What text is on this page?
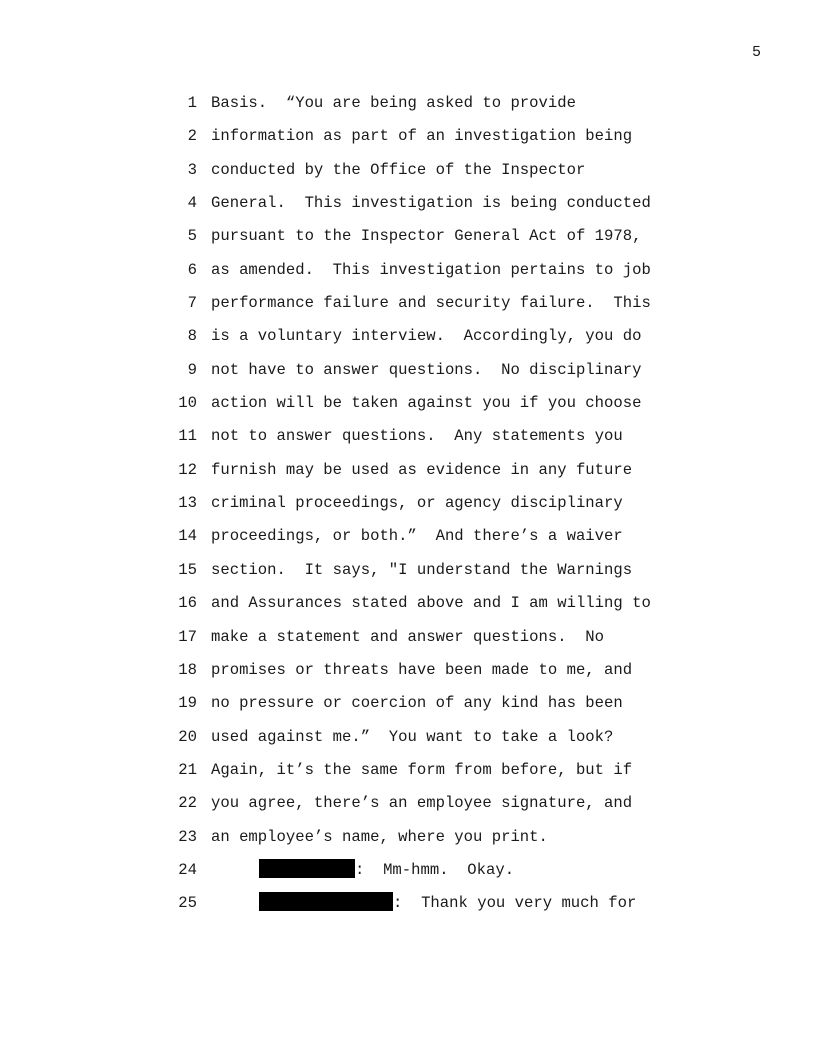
5
1 Basis.  “You are being asked to provide
2 information as part of an investigation being
3 conducted by the Office of the Inspector
4 General.  This investigation is being conducted
5 pursuant to the Inspector General Act of 1978,
6 as amended.  This investigation pertains to job
7 performance failure and security failure.  This
8 is a voluntary interview.  Accordingly, you do
9 not have to answer questions.  No disciplinary
10 action will be taken against you if you choose
11 not to answer questions.  Any statements you
12 furnish may be used as evidence in any future
13 criminal proceedings, or agency disciplinary
14 proceedings, or both.”  And there’s a waiver
15 section.  It says, "I understand the Warnings
16 and Assurances stated above and I am willing to
17 make a statement and answer questions.  No
18 promises or threats have been made to me, and
19 no pressure or coercion of any kind has been
20 used against me.”  You want to take a look?
21 Again, it’s the same form from before, but if
22 you agree, there’s an employee signature, and
23 an employee’s name, where you print.
24	:  Mm-hmm.  Okay.
25	:  Thank you very much for
